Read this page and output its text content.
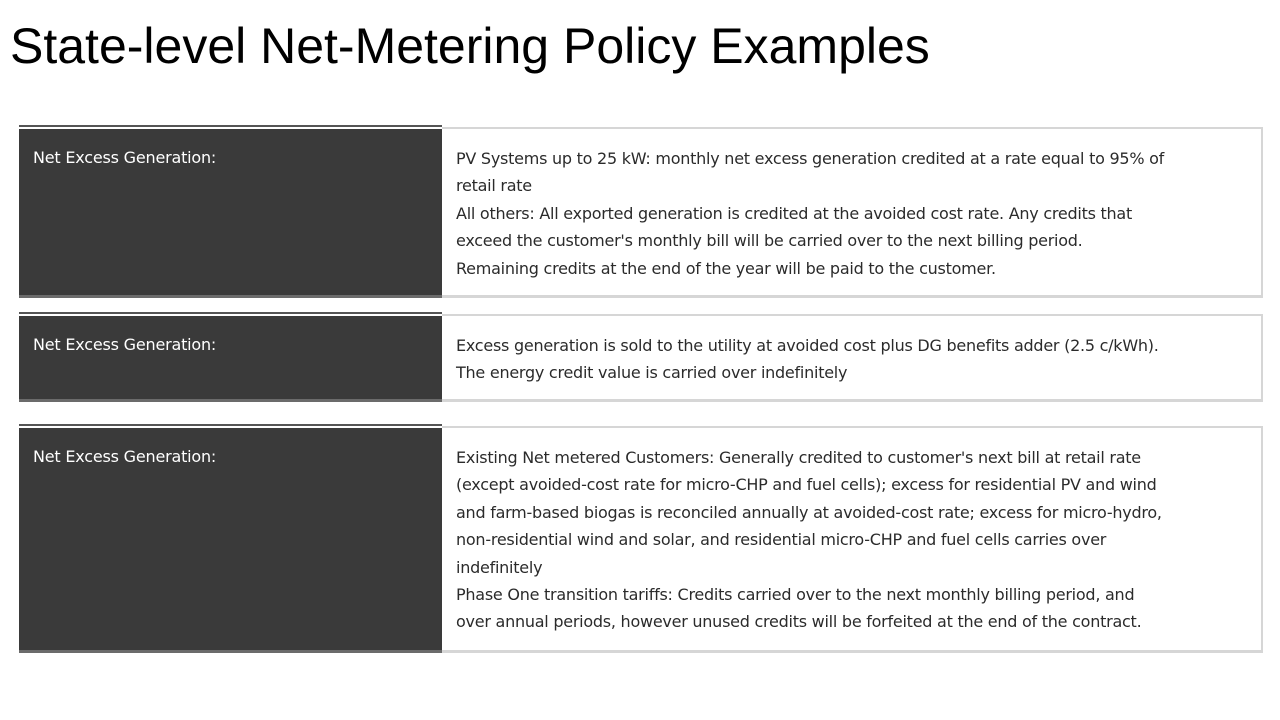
State-level Net-Metering Policy Examples
Net Excess Generation:	PV Systems up to 25 kW: monthly net excess generation credited at a rate equal to 95% of
retail rate
All others: All exported generation is credited at the avoided cost rate. Any credits that
exceed the customer's monthly bill will be carried over to the next billing period.
Remaining credits at the end of the year will be paid to the customer.
Net Excess Generation:	Excess generation is sold to the utility at avoided cost plus DG benefits adder (2.5 c/kWh).
The energy credit value is carried over indefinitely
Net Excess Generation:	Existing Net metered Customers: Generally credited to customer's next bill at retail rate
(except avoided-cost rate for micro-CHP and fuel cells); excess for residential PV and wind
and farm-based biogas is reconciled annually at avoided-cost rate; excess for micro-hydro,
non-residential wind and solar, and residential micro-CHP and fuel cells carries over
indefinitely
Phase One transition tariffs: Credits carried over to the next monthly billing period, and
over annual periods, however unused credits will be forfeited at the end of the contract.
